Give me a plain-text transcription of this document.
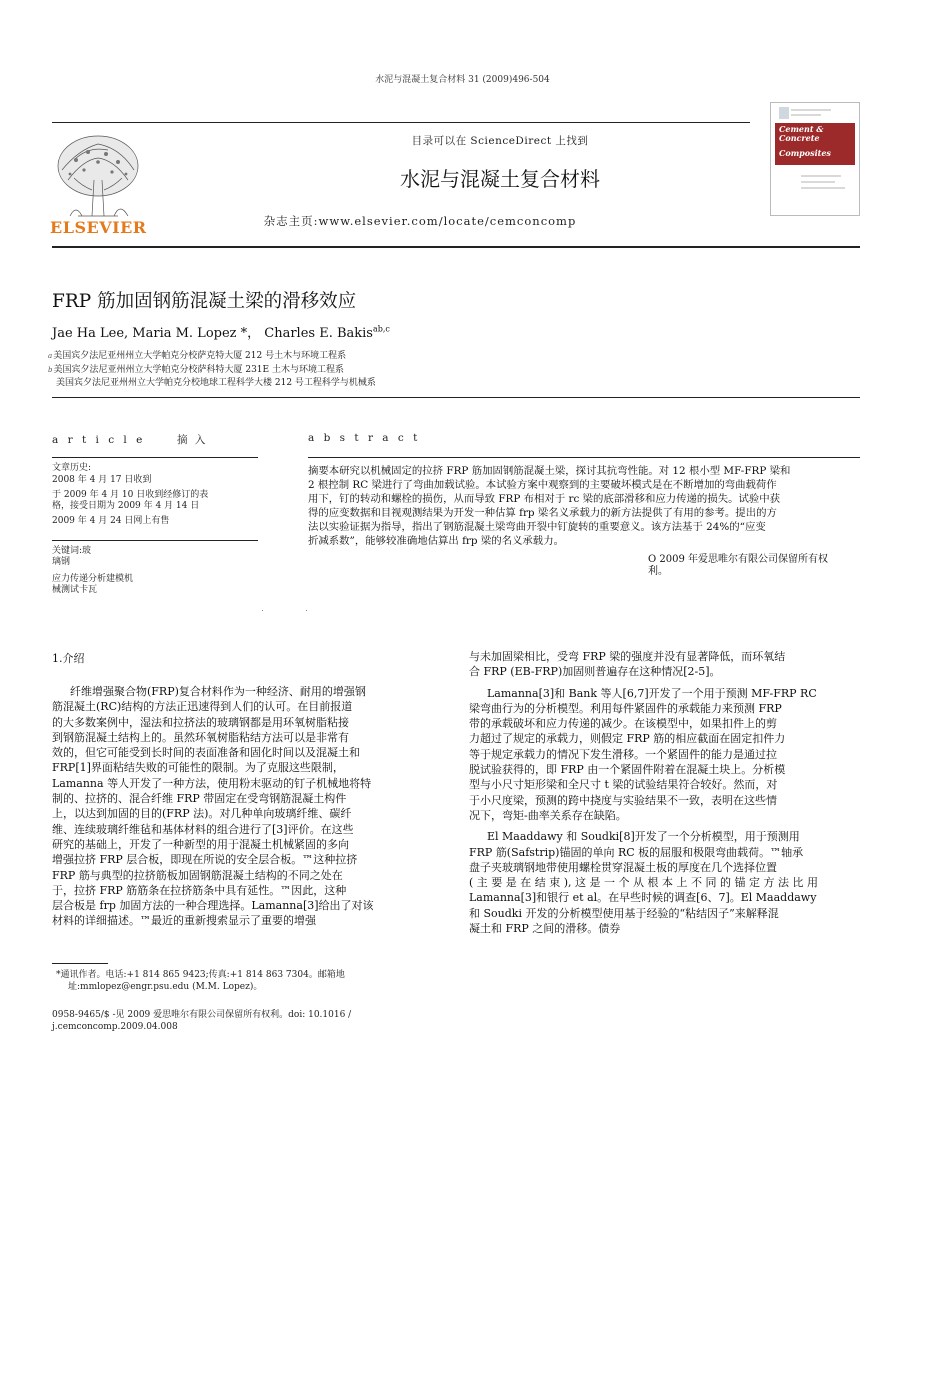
水泥与混凝土复合材料 31 (2009)496-504
ELSEVIER
目录可以在 ScienceDirect 上找到
水泥与混凝土复合材料
杂志主页:www.elsevier.com/locate/cemconcomp
Cement &
Concrete
Composites
FRP 筋加固钢筋混凝土梁的滑移效应
Jae Ha Lee, Maria M. Lopez *， Charles E. Bakis$^{ab,c}$
a美国宾夕法尼亚州州立大学帕克分校萨克特大厦 212 号土木与环境工程系
b美国宾夕法尼亚州州立大学帕克分校萨科特大厦 231E 土木与环境工程系
美国宾夕法尼亚州州立大学帕克分校地球工程科学大楼 212 号工程科学与机械系
a r t i c l e	摘 入
文章历史:
2008 年 4 月 17 日收到
于 2009 年 4 月 10 日收到经修订的表
格，接受日期为 2009 年 4 月 14 日
2009 年 4 月 24 日网上有售
关键词:玻
璃钢
应力传递分析建模机
械测试卡瓦
a b s t r a c t
摘要本研究以机械固定的拉挤 FRP 筋加固钢筋混凝土梁，探讨其抗弯性能。对 12 根小型 MF-FRP 梁和
2 根控制 RC 梁进行了弯曲加载试验。本试验方案中观察到的主要破坏模式是在不断增加的弯曲载荷作
用下，钉的转动和螺栓的损伤，从而导致 FRP 布相对于 rc 梁的底部滑移和应力传递的损失。试验中获
得的应变数据和目视观测结果为开发一种估算 frp 梁名义承载力的新方法提供了有用的参考。提出的方
法以实验证据为指导，指出了钢筋混凝土梁弯曲开裂中钉旋转的重要意义。该方法基于 24%的“应变
折减系数”，能够较准确地估算出 frp 梁的名义承载力。
O 2009 年爱思唯尔有限公司保留所有权
利。
1.介绍
纤维增强聚合物(FRP)复合材料作为一种经济、耐用的增强钢
筋混凝土(RC)结构的方法正迅速得到人们的认可。在目前报道
的大多数案例中，湿法和拉挤法的玻璃钢都是用环氧树脂粘接
到钢筋混凝土结构上的。虽然环氧树脂粘结方法可以是非常有
效的，但它可能受到长时间的表面准备和固化时间以及混凝土和
FRP[1]界面粘结失败的可能性的限制。为了克服这些限制，
Lamanna 等人开发了一种方法，使用粉末驱动的钉子机械地将特
制的、拉挤的、混合纤维 FRP 带固定在受弯钢筋混凝土构件
上，以达到加固的目的(FRP 法)。对几种单向玻璃纤维、碳纤
维、连续玻璃纤维毡和基体材料的组合进行了[3]评价。在这些
研究的基础上，开发了一种新型的用于混凝土机械紧固的多向
增强拉挤 FRP 层合板，即现在所说的安全层合板。™这种拉挤
FRP 筋与典型的拉挤筋板加固钢筋混凝土结构的不同之处在
于，拉挤 FRP 筋筋条在拉挤筋条中具有延性。™因此，这种
层合板是 frp 加固方法的一种合理选择。Lamanna[3]给出了对该
材料的详细描述。™最近的重新搜索显示了重要的增强
与未加固梁相比，受弯 FRP 梁的强度并没有显著降低，而环氧结
合 FRP (EB-FRP)加固则普遍存在这种情况[2-5]。
Lamanna[3]和 Bank 等人[6,7]开发了一个用于预测 MF-FRP RC
梁弯曲行为的分析模型。利用每件紧固件的承载能力来预测 FRP
带的承载破坏和应力传递的减少。在该模型中，如果扣件上的剪
力超过了规定的承载力，则假定 FRP 筋的相应截面在固定扣件力
等于规定承载力的情况下发生滑移。一个紧固件的能力是通过拉
脱试验获得的，即 FRP 由一个紧固件附着在混凝土块上。分析模
型与小尺寸矩形梁和全尺寸 t 梁的试验结果符合较好。然而，对
于小尺度梁，预测的跨中挠度与实验结果不一致，表明在这些情
况下，弯矩-曲率关系存在缺陷。
El Maaddawy 和 Soudki[8]开发了一个分析模型，用于预测用
FRP 筋(Safstrip)锚固的单向 RC 板的屈服和极限弯曲载荷。™轴承
盘子夹玻璃钢地带使用螺栓贯穿混凝土板的厚度在几个选择位置
( 主 要 是 在 结 束 ), 这 是 一 个 从 根 本 上 不 同 的 锚 定 方 法 比 用
Lamanna[3]和银行 et al。在早些时候的调查[6、7]。El Maaddawy
和 Soudki 开发的分析模型使用基于经验的“粘结因子”来解释混
凝土和 FRP 之间的滑移。债券
*通讯作者。电话:+1 814 865 9423;传真:+1 814 863 7304。邮箱地
址:mmlopez@engr.psu.edu (M.M. Lopez)。
0958-9465/$ -见 2009 爱思唯尔有限公司保留所有权利。doi: 10.1016 /
j.cemconcomp.2009.04.008
